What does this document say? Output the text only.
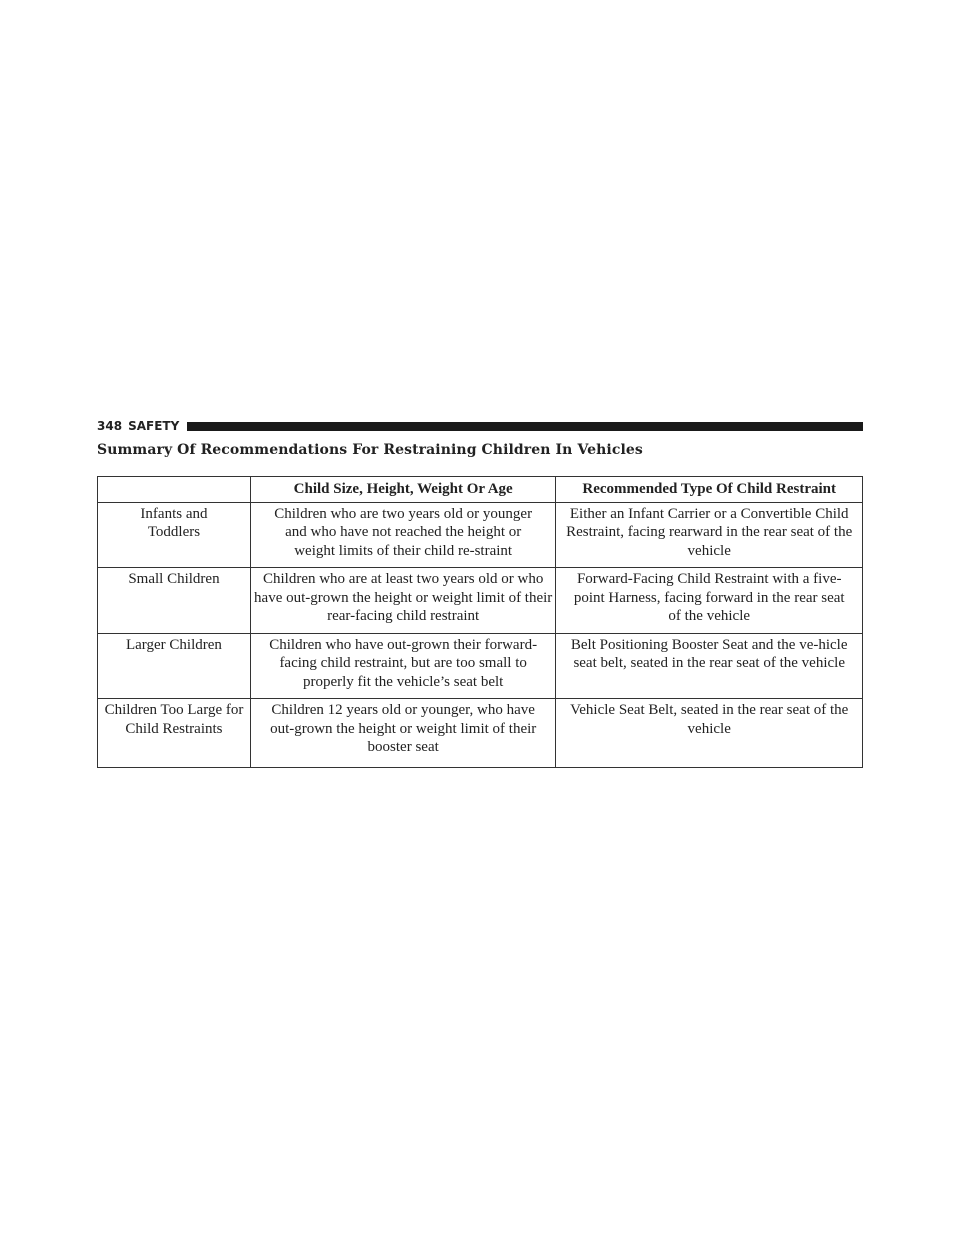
348 SAFETY
Summary Of Recommendations For Restraining Children In Vehicles
	Child Size, Height, Weight Or Age	Recommended Type Of Child Restraint
Infants and Toddlers	Children who are two years old or younger and who have not reached the height or weight limits of their child re-straint	Either an Infant Carrier or a Convertible Child Restraint, facing rearward in the rear seat of the vehicle
Small Children	Children who are at least two years old or who have out-grown the height or weight limit of their rear-facing child restraint	Forward-Facing Child Restraint with a five-point Harness, facing forward in the rear seat of the vehicle
Larger Children	Children who have out-grown their forward-facing child restraint, but are too small to properly fit the vehicle’s seat belt	Belt Positioning Booster Seat and the ve-hicle seat belt, seated in the rear seat of the vehicle
Children Too Large for Child Restraints	Children 12 years old or younger, who have out-grown the height or weight limit of their booster seat	Vehicle Seat Belt, seated in the rear seat of the vehicle
